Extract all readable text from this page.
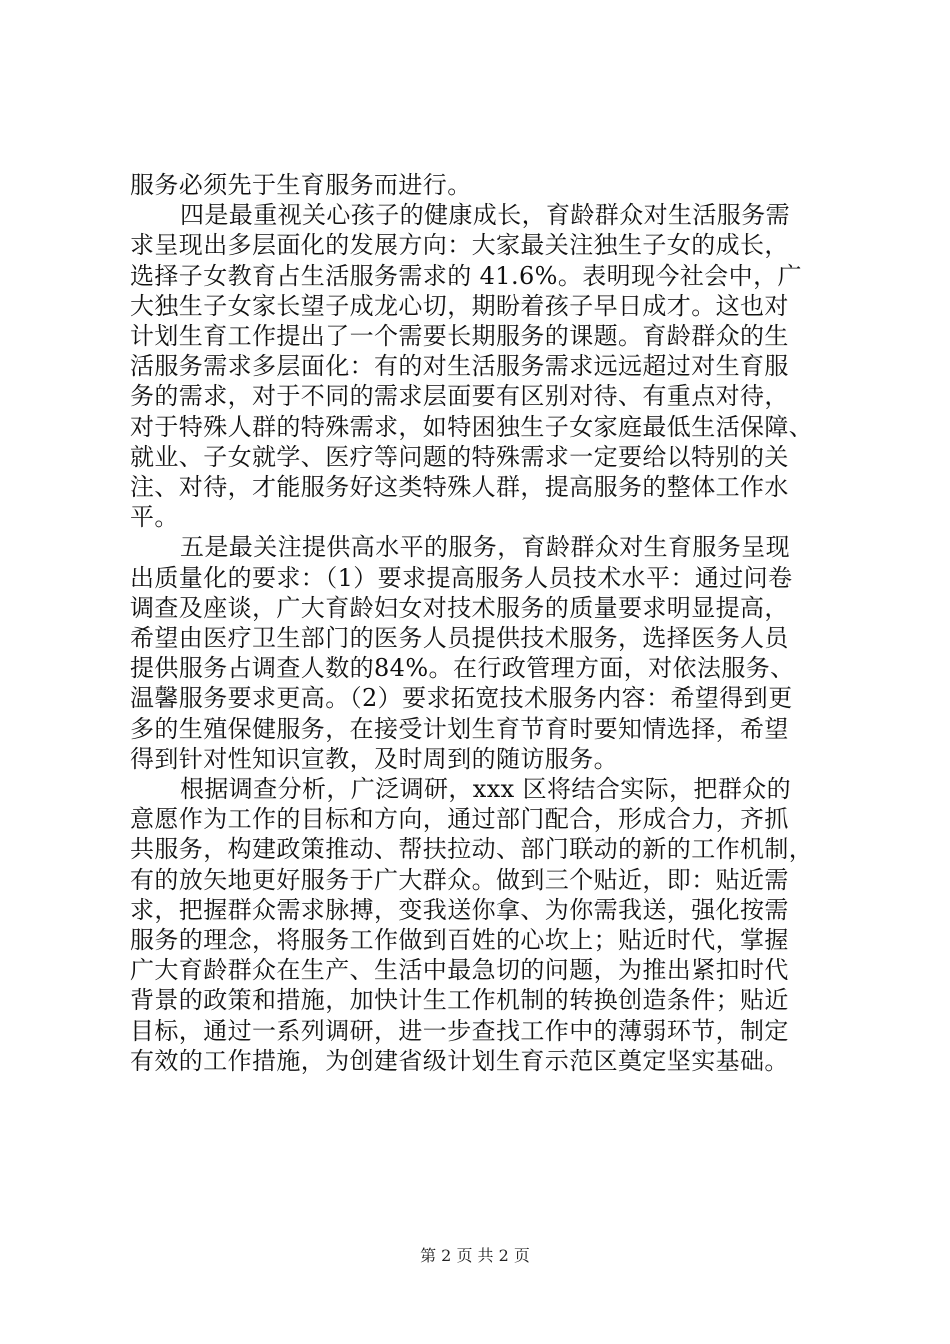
服务必须先于生育服务而进行。
四是最重视关心孩子的健康成长，育龄群众对生活服务需
求呈现出多层面化的发展方向：大家最关注独生子女的成长，
选择子女教育占生活服务需求的 41.6%。表明现今社会中，广
大独生子女家长望子成龙心切，期盼着孩子早日成才。这也对
计划生育工作提出了一个需要长期服务的课题。育龄群众的生
活服务需求多层面化：有的对生活服务需求远远超过对生育服
务的需求，对于不同的需求层面要有区别对待、有重点对待，
对于特殊人群的特殊需求，如特困独生子女家庭最低生活保障、
就业、子女就学、医疗等问题的特殊需求一定要给以特别的关
注、对待，才能服务好这类特殊人群，提高服务的整体工作水
平。
五是最关注提供高水平的服务，育龄群众对生育服务呈现
出质量化的要求：（1）要求提高服务人员技术水平：通过问卷
调查及座谈，广大育龄妇女对技术服务的质量要求明显提高，
希望由医疗卫生部门的医务人员提供技术服务，选择医务人员
提供服务占调查人数的84%。在行政管理方面，对依法服务、
温馨服务要求更高。（2）要求拓宽技术服务内容：希望得到更
多的生殖保健服务，在接受计划生育节育时要知情选择，希望
得到针对性知识宣教，及时周到的随访服务。
根据调查分析，广泛调研，xxx 区将结合实际，把群众的
意愿作为工作的目标和方向，通过部门配合，形成合力，齐抓
共服务，构建政策推动、帮扶拉动、部门联动的新的工作机制，
有的放矢地更好服务于广大群众。做到三个贴近，即：贴近需
求，把握群众需求脉搏，变我送你拿、为你需我送，强化按需
服务的理念，将服务工作做到百姓的心坎上；贴近时代，掌握
广大育龄群众在生产、生活中最急切的问题，为推出紧扣时代
背景的政策和措施，加快计生工作机制的转换创造条件；贴近
目标，通过一系列调研，进一步查找工作中的薄弱环节，制定
有效的工作措施，为创建省级计划生育示范区奠定坚实基础。
第 2 页 共 2 页
